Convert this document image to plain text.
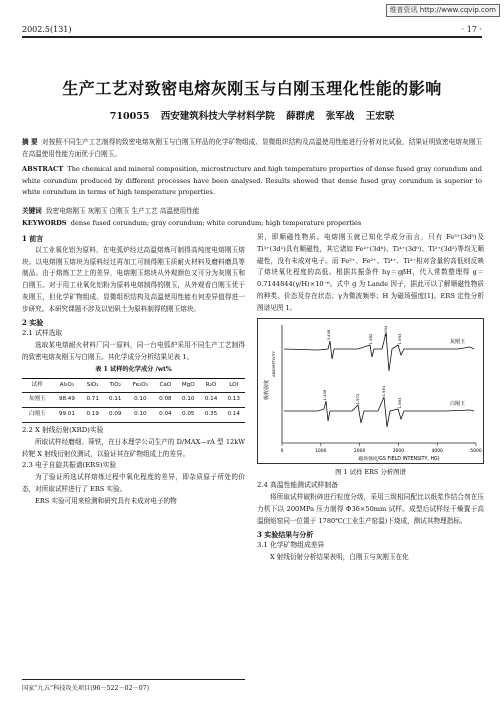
维普资讯 http://www.cqvip.com
2002.5(131)	· 17 ·
生产工艺对致密电熔灰刚玉与白刚玉理化性能的影响
710055 西安建筑科技大学材料学院 薛群虎 张军战 王宏联
摘 要 对按照不同生产工艺制得的致密电熔灰刚玉与白刚玉样品的化学矿物组成、显微组织结构及高温使用性能进行分析对比试验，结果证明致密电熔灰刚玉在高温使用性能方面优于白刚玉。
ABSTRACT The chemical and mineral composition, microstructure and high temperature properties of dense fused gray corundum and white corundum produced by different processes have been analysed. Results showed that dense fused gray corundum is superior to white corundum in terms of high temperature properties.
关键词 致密电熔刚玉 灰刚玉 白刚玉 生产工艺 高温使用性能
KEYWORDS dense fused corundum; gray corundum; white corundum; high temperature properties
1 前言

以工业氧化铝为原料，在电弧炉经过高温熔炼可制得高纯度电熔刚玉熔块。以电熔刚玉熔块为原料经过再加工可制得刚玉质耐火材料及磨料磨具等制品。由于熔炼工艺上的差异，电熔刚玉熔块从外观颜色又可分为灰刚玉和白刚玉。对于用工业氧化铝粉为原料电熔制得的刚玉，从外观看白刚玉优于灰刚玉，但化学矿物组成、显微组织结构及高温使用性能有何差异值得进一步研究。本研究课题不涉及以铝矾土为原料制得的刚玉熔块。

2 实验
2.1 试样选取

选取某电熔耐火材料厂同一原料，同一台电弧炉采用不同生产工艺制得的致密电熔灰刚玉与白刚玉。其化学成分分析结果见表 1。

表 1 试样的化学成分 /wt%
试样	Al₂O₃	SiO₂	TiO₂	Fe₂O₃	CaO	MgO	R₂O	LOI
灰刚玉	98.49	0.71	0.11	0.10	0.08	0.10	0.14	0.13
白刚玉	99.01	0.19	0.09	0.10	0.04	0.05	0.35	0.14
2.2 X 射线衍射(XRD)实验

所取试样经磨细、筛铁，在日本理学公司生产的 D/MAX—rA 型 12kW 转靶 X 射线衍射仪测试，以验证其在矿物组成上的差异。

2.3 电子自旋共振谱(ERS)实验

为了验证所选试样熔炼过程中氧化程度的差异，即杂质原子所处的价态，对所取试样进行了 ERS 实验。

ERS 实验可用来检测和研究具有未成对电子的物

国家“九五”科技攻关项目(96－522－02－07)

质，即顺磁性物质。电熔刚玉就已知化学成分而言，只有 Fe³⁺(3d⁵)及 Ti³⁺(3d¹)具有顺磁性，其它诸如 Fe²⁺(3d⁶)、Ti⁴⁺(3d⁰)、Ti²⁺(3d²)等均无顺磁性，没有未成对电子。而 Fe³⁺、Fe²⁺、Ti⁴⁺、Ti³⁺相对含量的高低则反映了熔块氧化程度的高低。根据共振条件 hγ＝gβH，代入常数整理得 g＝0.7144844(γ/H)×10⁻⁶。式中 g 为 Lande 因子，据此可以了解顺磁性物质的种类、价态及存在状态；γ为微波频率；H 为磁场强度[1]。ERS 定性分析图谱见图 1。

0	1000	2000	3000	4000	5000
磁场强度/GS FIELD INTENSITY, HG)
吸收强度
ABSORPTIVITY
灰刚玉
白刚玉
3.408	1.982
2.004
1.993
1.408	1.972
1.991
1.983
图 1 试样 ERS 分析图谱
2.4 高温性能测试试样制备

将所取试样破粉碎进行粒度分级，采用三级相同配比以纸浆作结合剂在压力机下以 200MPa 压力制得 Φ36×50mm 试样。成型后试样经干燥置于高温倒焰窑同一位置于 1780℃(工业生产窑温)下烧成，测试其物理指标。

3 实验结果与分析
3.1 化学矿物组成差异

X 射线衍射分析结果表明，白刚玉与灰刚玉在化
